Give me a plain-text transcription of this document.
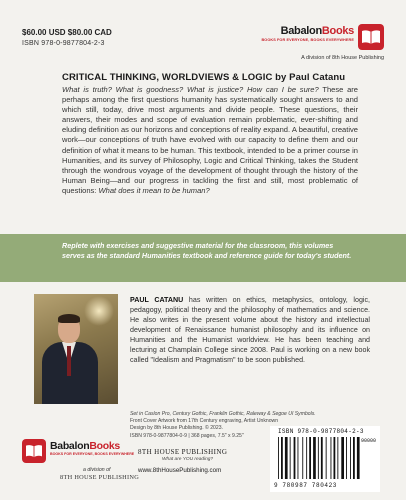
$60.00 USD $80.00 CAD
ISBN 978-0-9877804-2-3
BabalonBooks
BOOKS FOR EVERYONE, BOOKS EVERYWHERE
A division of 8th House Publishing
CRITICAL THINKING, WORLDVIEWS & LOGIC by Paul Catanu

What is truth? What is goodness? What is justice? How can I be sure? These are perhaps among the first questions humanity has systematically sought answers to and which still, today, drive most arguments and divide people. These questions, their answers, their modes and scope of evaluation remain problematic, ever-shifting and eluding definition as our horizons and conceptions of reality expand. A beautiful, creative work—our conceptions of truth have evolved with our capacity to define them and our definition of what it means to be human. This textbook, intended to be a primer course in Humanities, and its survey of Philosophy, Logic and Critical Thinking, takes the Student through the wondrous voyage of the development of thought through the history of the Human Being—and our progress in tackling the first and still, most problematic of questions: What does it mean to be human?

Replete with exercises and suggestive material for the classroom, this volumes serves as the standard Humanities textbook and reference guide for today's student.

PAUL CATANU has written on ethics, metaphysics, ontology, logic, pedagogy, political theory and the philosophy of mathematics and science. He also writes in the present volume about the history and intellectual development of Renaissance humanist philosophy and its influence on Humanities and the Humanist worldview. He has been teaching and lecturing at Champlain College since 2008. Paul is working on a new book called "Idealism and Pragmatism" to be soon published.

Set in Caslon Pro, Century Gothic, Franklin Gothic, Raleway & Segoe UI Symbols.
Front Cover Artwork from 17th Century engraving, Artist Unknown
Design by 8th House Publishing. © 2023.
ISBN 978-0-9877804-0-9 | 368 pages, 7.5" x 9.25"
BabalonBooks
BOOKS FOR EVERYONE, BOOKS EVERYWHERE
a division of
8TH HOUSE PUBLISHING
8TH HOUSE PUBLISHING
What are YOU reading?
www.8thHousePublishing.com
ISBN 978-0-9877804-2-3
90000
9 780987 780423
